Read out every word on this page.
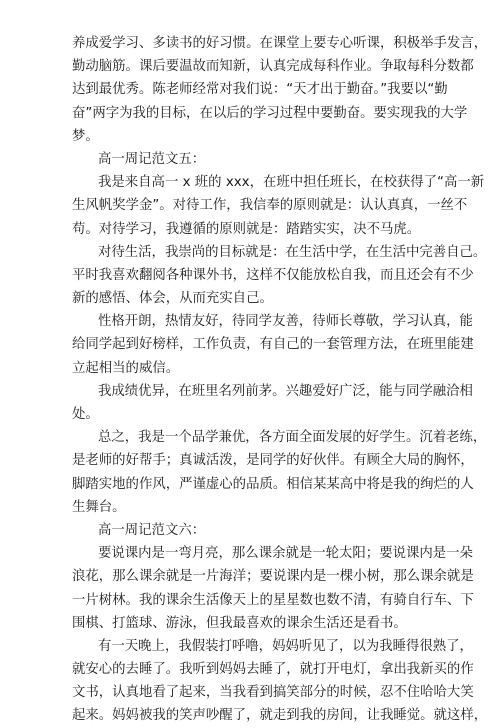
养成爱学习、多读书的好习惯。在课堂上要专心听课，积极举手发言，
勤动脑筋。课后要温故而知新，认真完成每科作业。争取每科分数都
达到最优秀。陈老师经常对我们说：“天才出于勤奋。”我要以“勤
奋”两字为我的目标，在以后的学习过程中要勤奋。要实现我的大学
梦。
高一周记范文五：
我是来自高一 x 班的 xxx，在班中担任班长，在校获得了“高一新
生风帆奖学金”。对待工作，我信奉的原则就是：认认真真，一丝不
苟。对待学习，我遵循的原则就是：踏踏实实，决不马虎。
对待生活，我崇尚的目标就是：在生活中学，在生活中完善自己。
平时我喜欢翻阅各种课外书，这样不仅能放松自我，而且还会有不少
新的感悟、体会，从而充实自己。
性格开朗，热情友好，待同学友善，待师长尊敬，学习认真，能
给同学起到好榜样，工作负责，有自己的一套管理方法，在班里能建
立起相当的威信。
我成绩优异，在班里名列前茅。兴趣爱好广泛，能与同学融洽相
处。
总之，我是一个品学兼优，各方面全面发展的好学生。沉着老练，
是老师的好帮手；真诚活泼，是同学的好伙伴。有顾全大局的胸怀，
脚踏实地的作风，严谨虚心的品质。相信某某高中将是我的绚烂的人
生舞台。
高一周记范文六：
要说课内是一弯月亮，那么课余就是一轮太阳；要说课内是一朵
浪花，那么课余就是一片海洋；要说课内是一棵小树，那么课余就是
一片树林。我的课余生活像天上的星星数也数不清，有骑自行车、下
围棋、打篮球、游泳，但我最喜欢的课余生活还是看书。
有一天晚上，我假装打呼噜，妈妈听见了，以为我睡得很熟了，
就安心的去睡了。我听到妈妈去睡了，就打开电灯，拿出我新买的作
文书，认真地看了起来，当我看到搞笑部分的时候，忍不住哈哈大笑
起来。妈妈被我的笑声吵醒了，就走到我的房间，让我睡觉。就这样，
